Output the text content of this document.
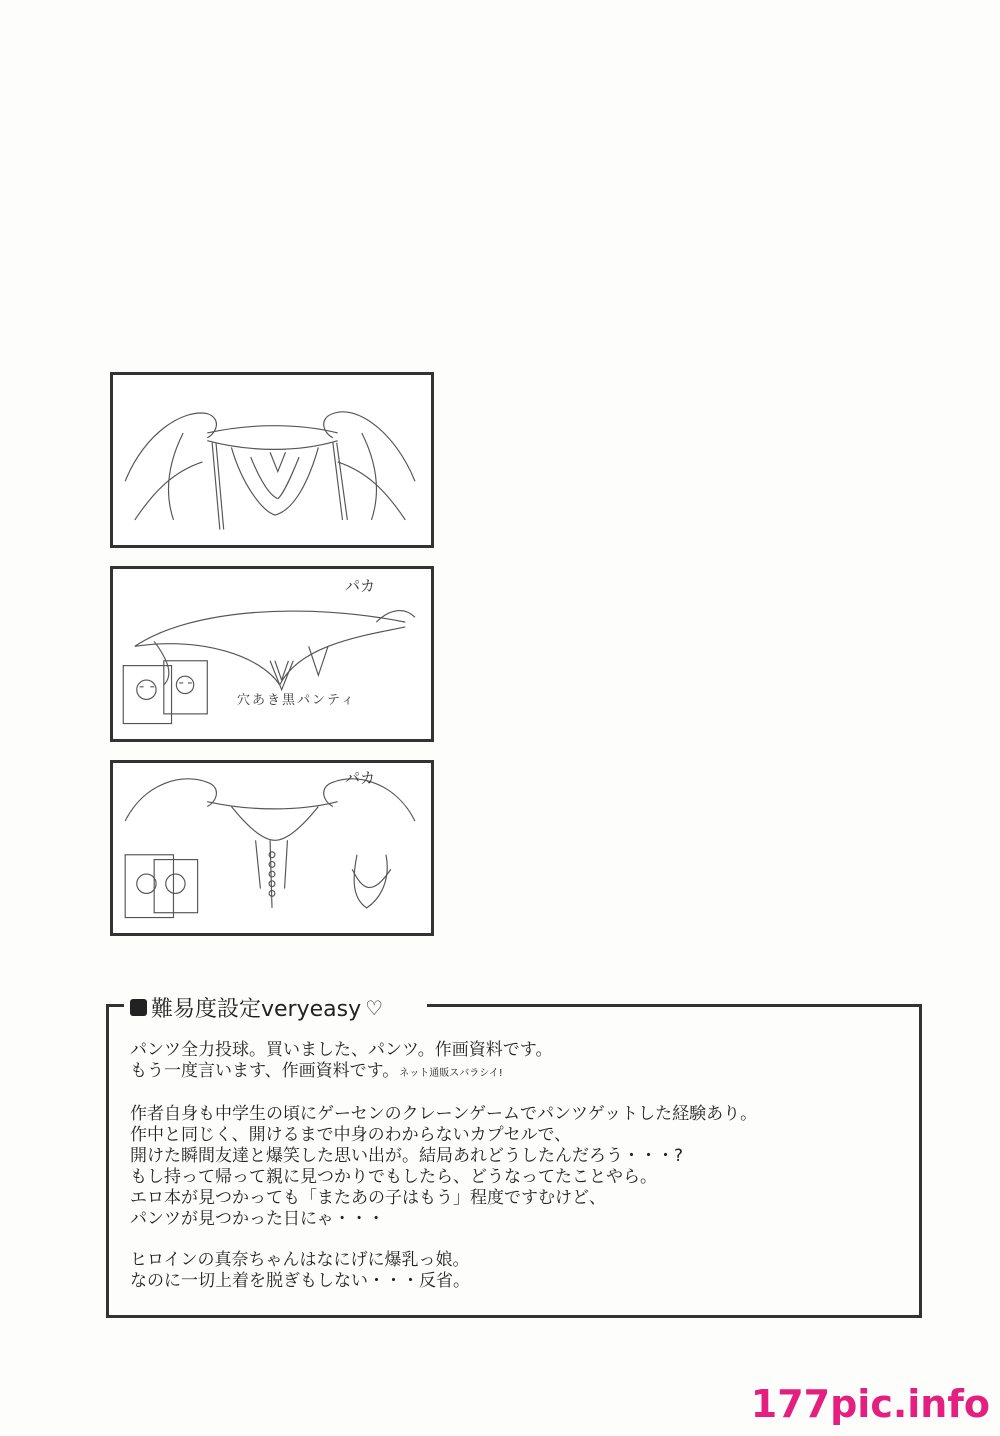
パカ
穴あき黒パンティ
パカ
難易度設定veryeasy ♡

パンツ全力投球。買いました、パンツ。作画資料です。

もう一度言います、作画資料です。ネット通販スバラシイ!

作者自身も中学生の頃にゲーセンのクレーンゲームでパンツゲットした経験あり。

作中と同じく、開けるまで中身のわからないカプセルで、

開けた瞬間友達と爆笑した思い出が。結局あれどうしたんだろう・・・?

もし持って帰って親に見つかりでもしたら、どうなってたことやら。

エロ本が見つかっても「またあの子はもう」程度ですむけど、

パンツが見つかった日にゃ・・・

ヒロインの真奈ちゃんはなにげに爆乳っ娘。

なのに一切上着を脱ぎもしない・・・反省。

177pic.info
